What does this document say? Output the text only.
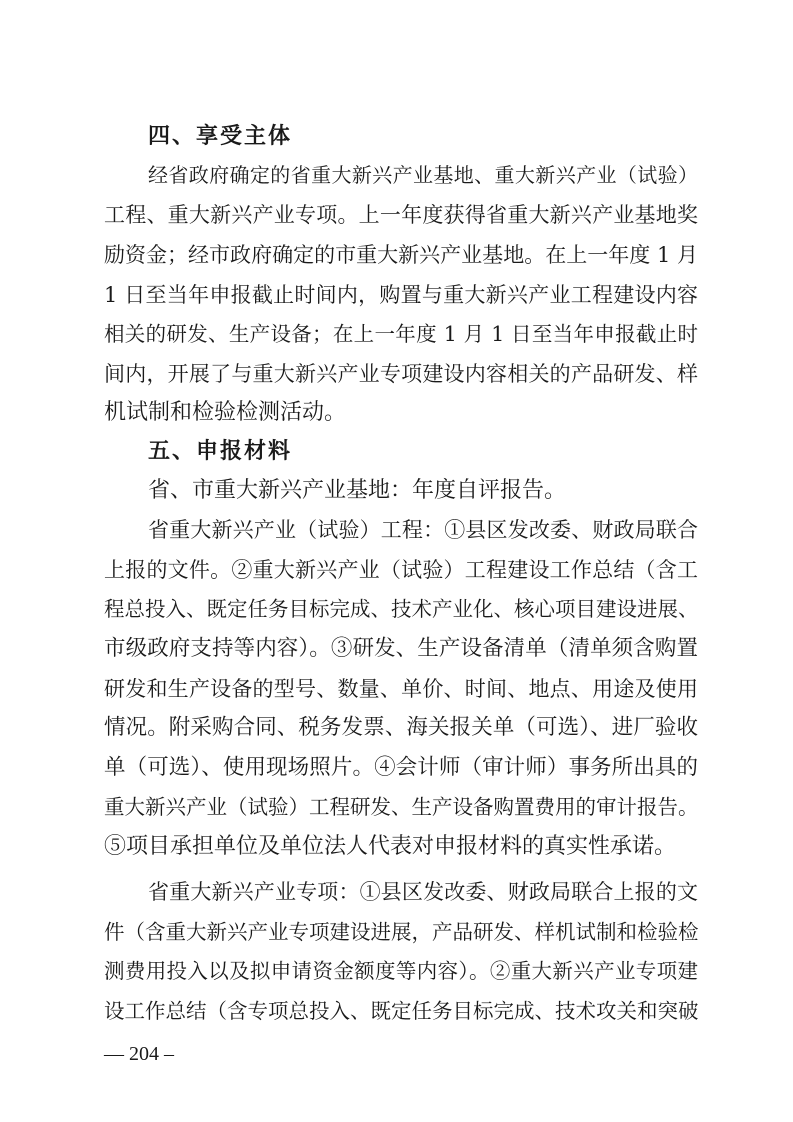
四、享受主体
经省政府确定的省重大新兴产业基地、重大新兴产业（试验）
工程、重大新兴产业专项。上一年度获得省重大新兴产业基地奖
励资金；经市政府确定的市重大新兴产业基地。在上一年度 1 月
1 日至当年申报截止时间内，购置与重大新兴产业工程建设内容
相关的研发、生产设备；在上一年度 1 月 1 日至当年申报截止时
间内，开展了与重大新兴产业专项建设内容相关的产品研发、样
机试制和检验检测活动。
五、申报材料
省、市重大新兴产业基地：年度自评报告。
省重大新兴产业（试验）工程：①县区发改委、财政局联合
上报的文件。②重大新兴产业（试验）工程建设工作总结（含工
程总投入、既定任务目标完成、技术产业化、核心项目建设进展、
市级政府支持等内容）。③研发、生产设备清单（清单须含购置
研发和生产设备的型号、数量、单价、时间、地点、用途及使用
情况。附采购合同、税务发票、海关报关单（可选）、进厂验收
单（可选）、使用现场照片。④会计师（审计师）事务所出具的
重大新兴产业（试验）工程研发、生产设备购置费用的审计报告。
⑤项目承担单位及单位法人代表对申报材料的真实性承诺。
省重大新兴产业专项：①县区发改委、财政局联合上报的文
件（含重大新兴产业专项建设进展，产品研发、样机试制和检验检
测费用投入以及拟申请资金额度等内容）。②重大新兴产业专项建
设工作总结（含专项总投入、既定任务目标完成、技术攻关和突破
— 204 –
